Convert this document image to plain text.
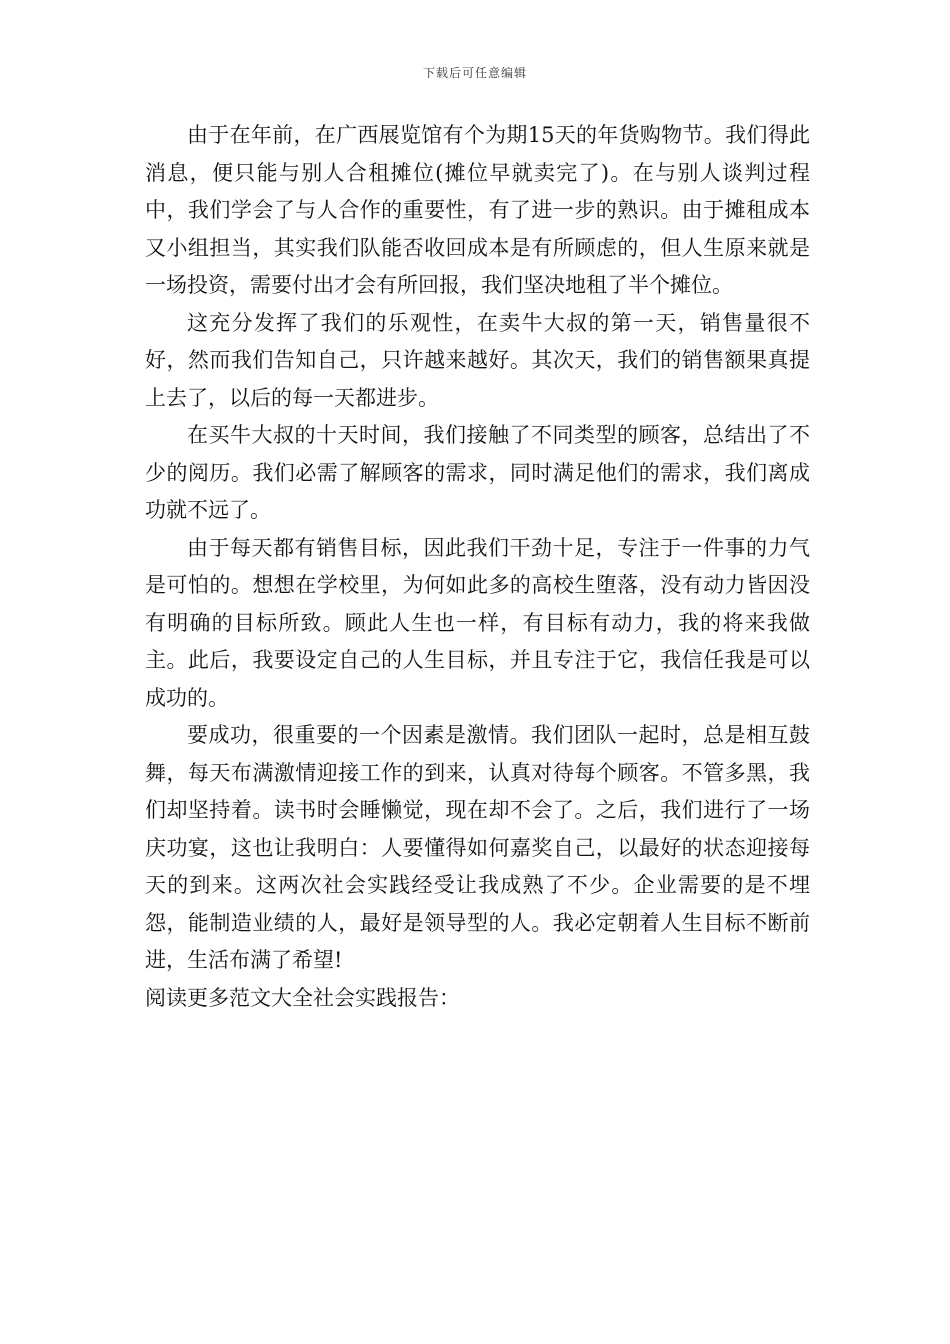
下载后可任意编辑

由于在年前，在广西展览馆有个为期15天的年货购物节。我们得此消息，便只能与别人合租摊位(摊位早就卖完了)。在与别人谈判过程中，我们学会了与人合作的重要性，有了进一步的熟识。由于摊租成本又小组担当，其实我们队能否收回成本是有所顾虑的，但人生原来就是一场投资，需要付出才会有所回报，我们坚决地租了半个摊位。

这充分发挥了我们的乐观性，在卖牛大叔的第一天，销售量很不好，然而我们告知自己，只许越来越好。其次天，我们的销售额果真提上去了，以后的每一天都进步。

在买牛大叔的十天时间，我们接触了不同类型的顾客，总结出了不少的阅历。我们必需了解顾客的需求，同时满足他们的需求，我们离成功就不远了。

由于每天都有销售目标，因此我们干劲十足，专注于一件事的力气是可怕的。想想在学校里，为何如此多的高校生堕落，没有动力皆因没有明确的目标所致。顾此人生也一样，有目标有动力，我的将来我做主。此后，我要设定自己的人生目标，并且专注于它，我信任我是可以成功的。

要成功，很重要的一个因素是激情。我们团队一起时，总是相互鼓舞，每天布满激情迎接工作的到来，认真对待每个顾客。不管多黑，我们却坚持着。读书时会睡懒觉，现在却不会了。之后，我们进行了一场庆功宴，这也让我明白：人要懂得如何嘉奖自己，以最好的状态迎接每天的到来。这两次社会实践经受让我成熟了不少。企业需要的是不埋怨，能制造业绩的人，最好是领导型的人。我必定朝着人生目标不断前进，生活布满了希望!

阅读更多范文大全社会实践报告：
